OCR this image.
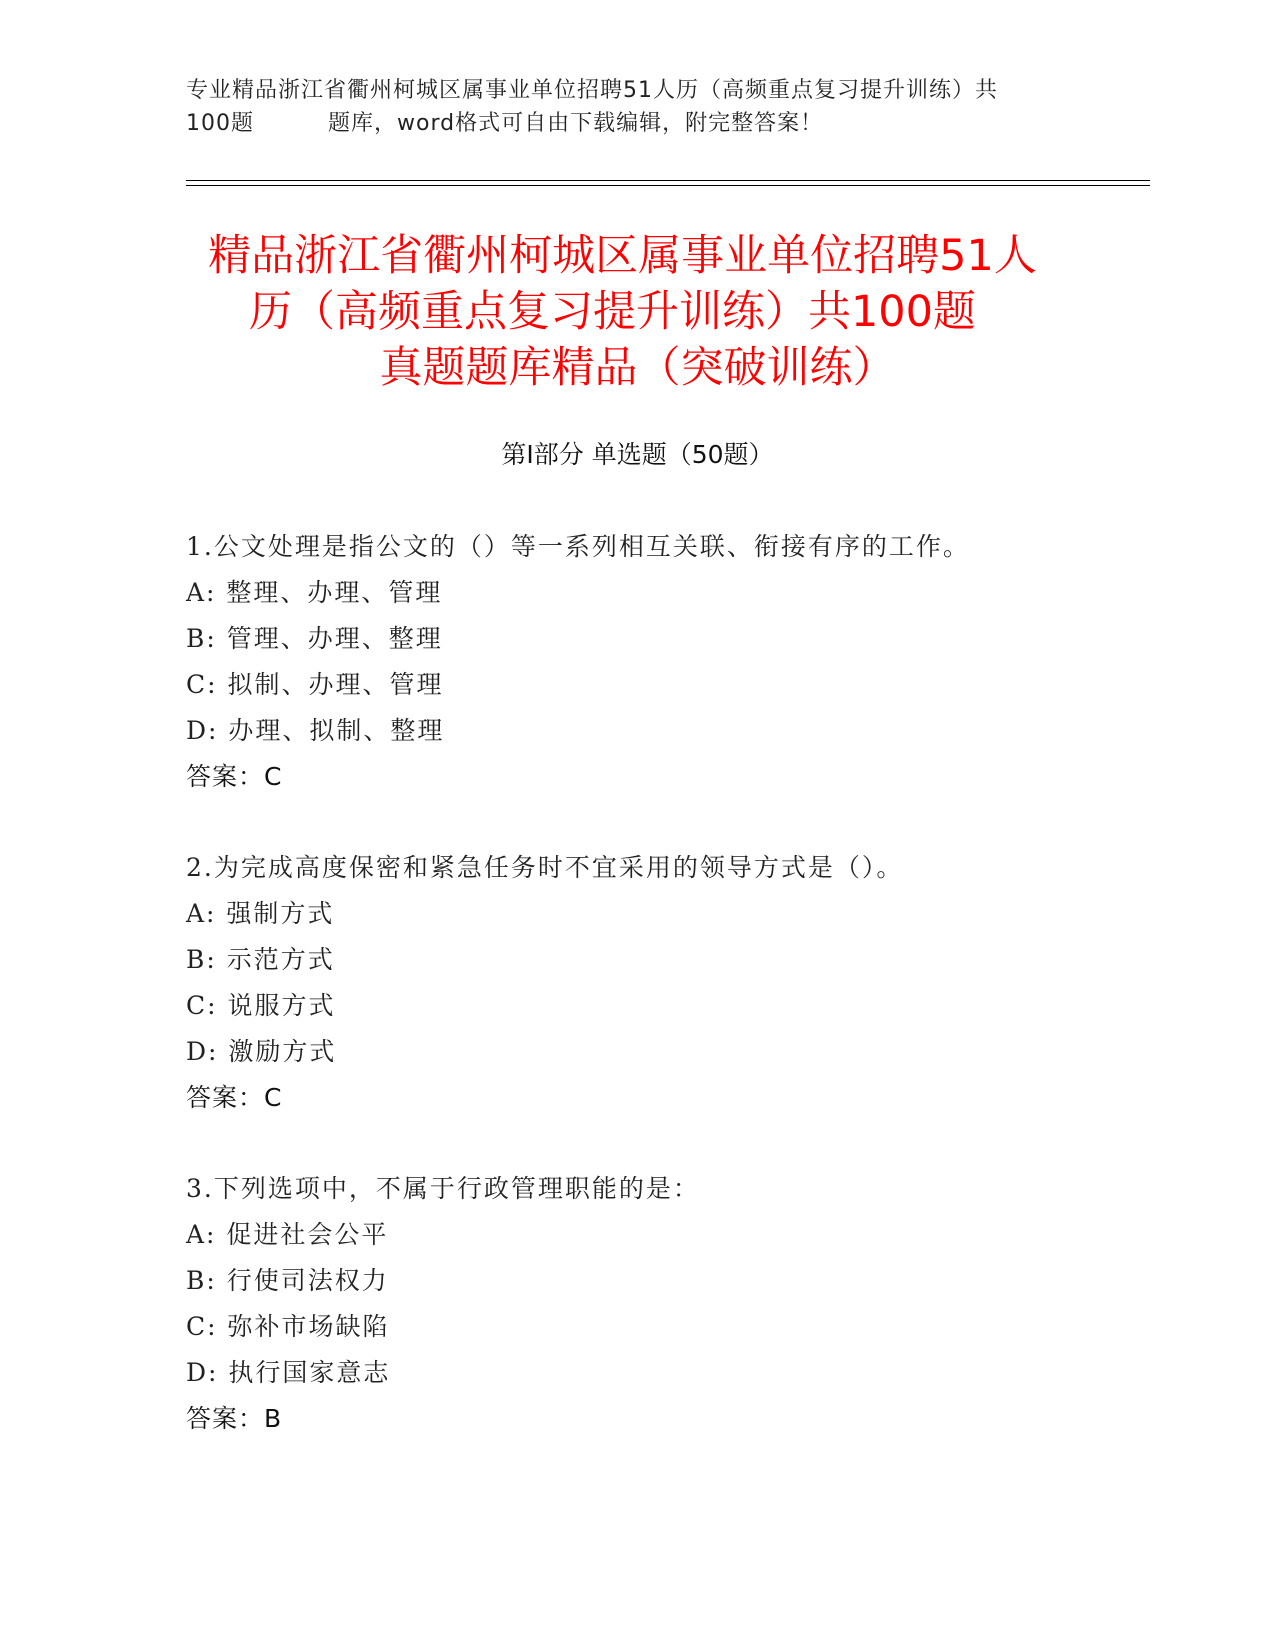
专业精品浙江省衢州柯城区属事业单位招聘51人历（高频重点复习提升训练）共
100题	题库，word格式可自由下载编辑，附完整答案！
精品浙江省衢州柯城区属事业单位招聘51人
历（高频重点复习提升训练）共100题
真题题库精品（突破训练）
第Ⅰ部分 单选题（50题）
1.公文处理是指公文的（）等一系列相互关联、衔接有序的工作。
A: 整理、办理、管理
B: 管理、办理、整理
C: 拟制、办理、管理
D: 办理、拟制、整理
答案：C
2.为完成高度保密和紧急任务时不宜采用的领导方式是（）。
A: 强制方式
B: 示范方式
C: 说服方式
D: 激励方式
答案：C
3.下列选项中，不属于行政管理职能的是：
A: 促进社会公平
B: 行使司法权力
C: 弥补市场缺陷
D: 执行国家意志
答案：B
